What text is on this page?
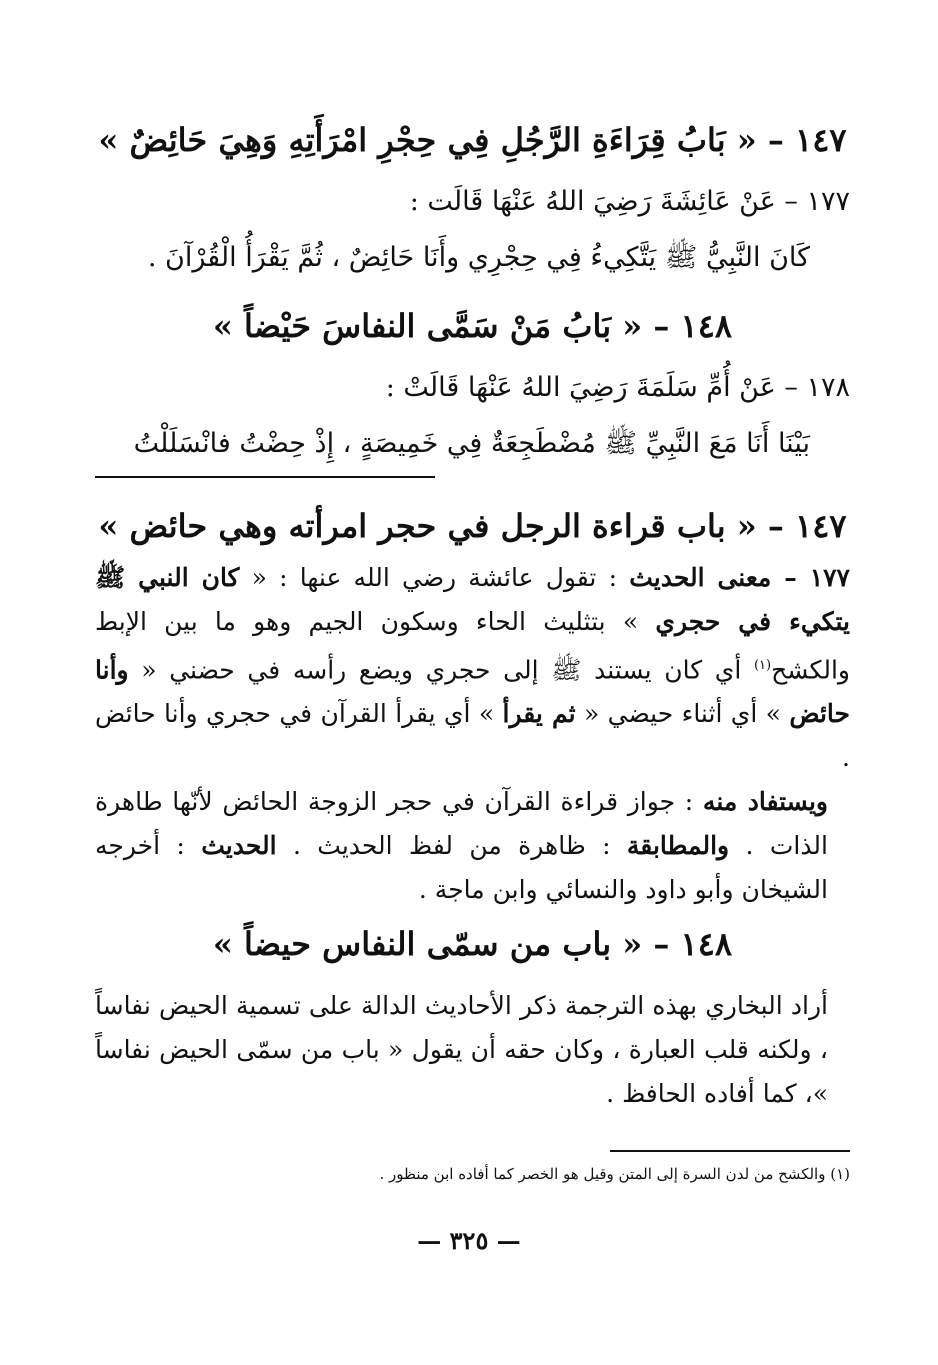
١٤٧ – « بَابُ قِرَاءَةِ الرَّجُلِ فِي حِجْرِ امْرَأَتِهِ وَهِيَ حَائِضٌ »
١٧٧ – عَنْ عَائِشَةَ رَضِيَ اللهُ عَنْهَا قَالَت :
كَانَ النَّبِيُّ ﷺ يَتَّكِيءُ فِي حِجْرِي وأَنَا حَائِضٌ ، ثُمَّ يَقْرَأُ الْقُرْآنَ .
١٤٨ – « بَابُ مَنْ سَمَّى النفاسَ حَيْضاً »
١٧٨ – عَنْ أُمِّ سَلَمَةَ رَضِيَ اللهُ عَنْهَا قَالَتْ :
بَيْنَا أَنَا مَعَ النَّبِيِّ ﷺ مُضْطَجِعَةٌ فِي خَمِيصَةٍ ، إِذْ حِضْتُ فانْسَلَلْتُ
١٤٧ – « باب قراءة الرجل في حجر امرأته وهي حائض »

١٧٧ – معنى الحديث : تقول عائشة رضي الله عنها : « كان النبي ﷺ يتكيء في حجري » بتثليث الحاء وسكون الجيم وهو ما بين الإبط والكشح$^{(١)}$ أي كان يستند ﷺ إلى حجري ويضع رأسه في حضني « وأنا حائض » أي أثناء حيضي « ثم يقرأ » أي يقرأ القرآن في حجري وأنا حائض .

ويستفاد منه : جواز قراءة القرآن في حجر الزوجة الحائض لأنّها طاهرة الذات . والمطابقة : ظاهرة من لفظ الحديث . الحديث : أخرجه الشيخان وأبو داود والنسائي وابن ماجة .

١٤٨ – « باب من سمّى النفاس حيضاً »

أراد البخاري بهذه الترجمة ذكر الأحاديث الدالة على تسمية الحيض نفاساً ، ولكنه قلب العبارة ، وكان حقه أن يقول « باب من سمّى الحيض نفاساً »، كما أفاده الحافظ .

(١) والكشح من لدن السرة إلى المتن وقيل هو الخصر كما أفاده ابن منظور .
— ٣٢٥ —
